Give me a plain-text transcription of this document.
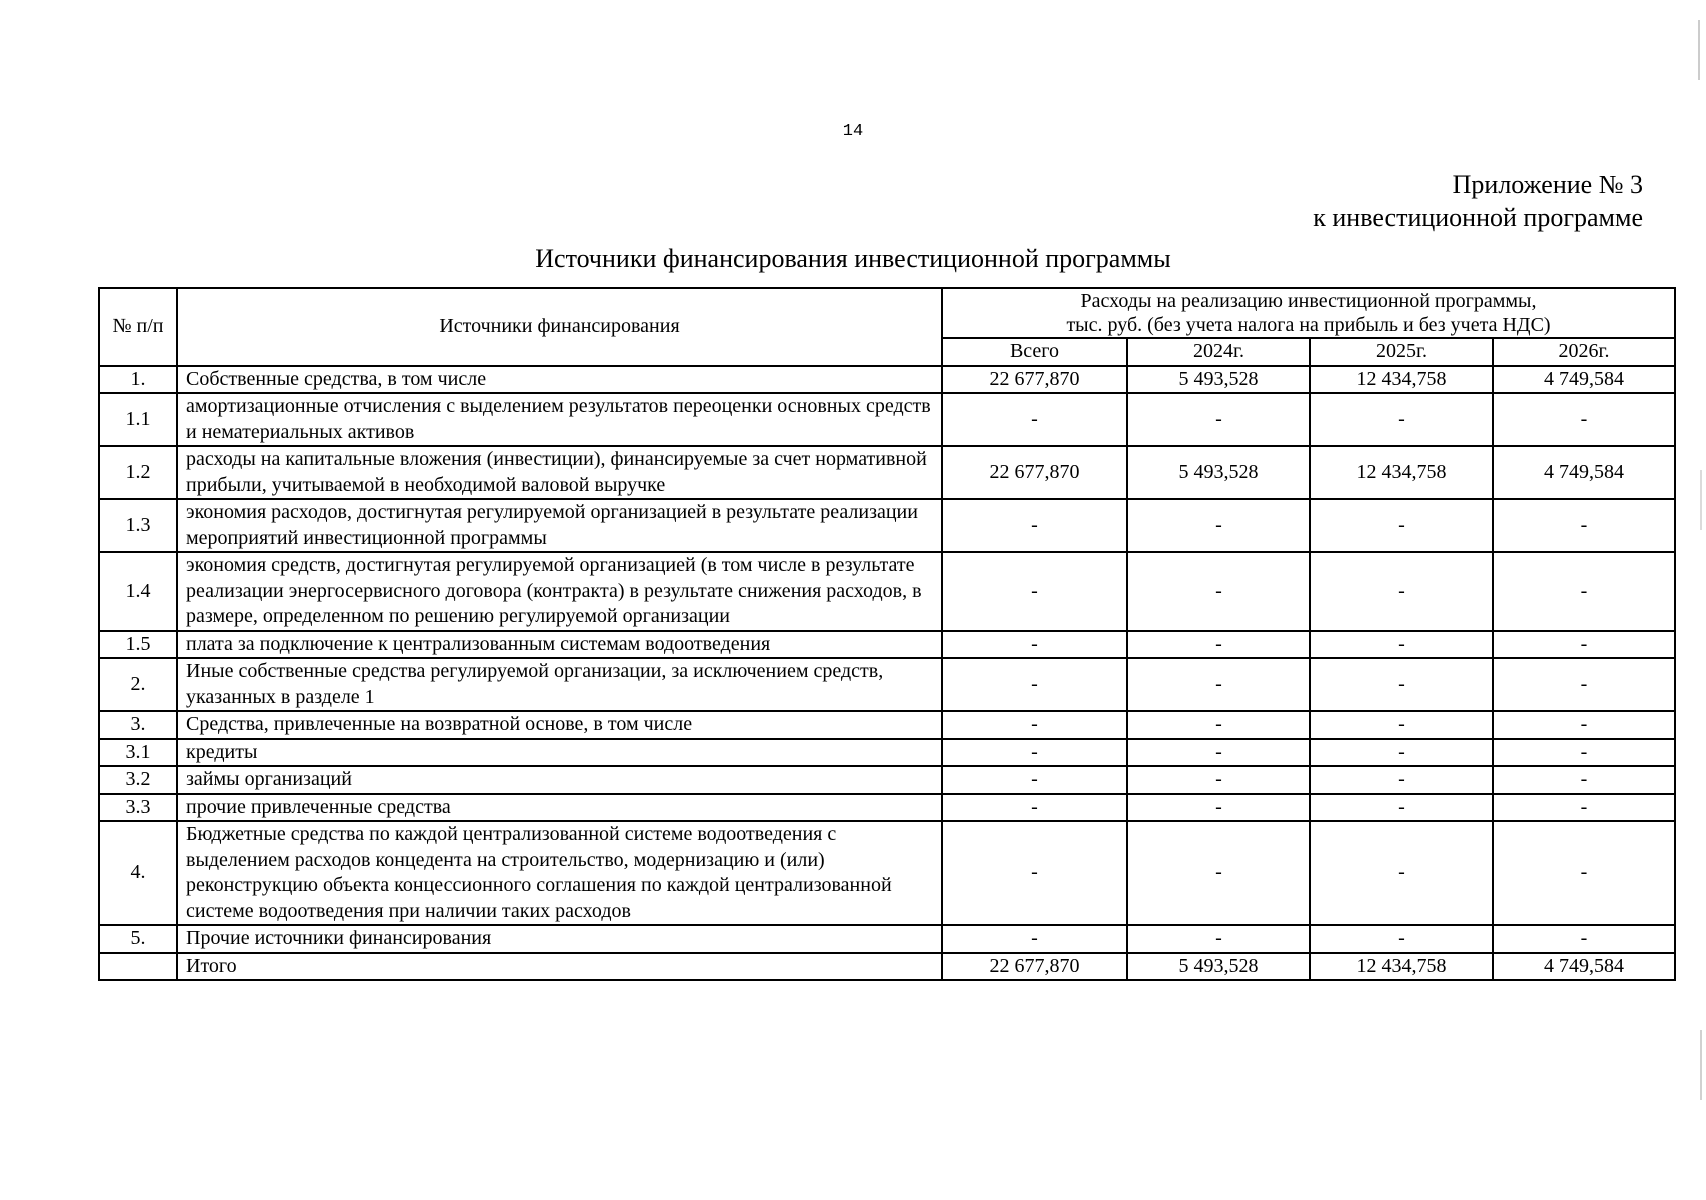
14
Приложение № 3
к инвестиционной программе
Источники финансирования инвестиционной программы
№ п/п	Источники финансирования	Расходы на реализацию инвестиционной программы,
тыс. руб. (без учета налога на прибыль и без учета НДС)			

		Всего	2024г.	2025г.	2026г.
1.	Собственные средства, в том числе	22 677,870	5 493,528	12 434,758	4 749,584
1.1	амортизационные отчисления с выделением результатов переоценки основных средств и нематериальных активов	-	-	-	-
1.2	расходы на капитальные вложения (инвестиции), финансируемые за счет нормативной прибыли, учитываемой в необходимой валовой выручке	22 677,870	5 493,528	12 434,758	4 749,584
1.3	экономия расходов, достигнутая регулируемой организацией в результате реализации мероприятий инвестиционной программы	-	-	-	-
1.4	экономия средств, достигнутая регулируемой организацией (в том числе в результате реализации энергосервисного договора (контракта) в результате снижения расходов, в размере, определенном по решению регулируемой организации	-	-	-	-
1.5	плата за подключение к централизованным системам водоотведения	-	-	-	-
2.	Иные собственные средства регулируемой организации, за исключением средств, указанных в разделе 1	-	-	-	-
3.	Средства, привлеченные на возвратной основе, в том числе	-	-	-	-
3.1	кредиты	-	-	-	-
3.2	займы организаций	-	-	-	-
3.3	прочие привлеченные средства	-	-	-	-
4.	Бюджетные средства по каждой централизованной системе водоотведения с выделением расходов концедента на строительство, модернизацию и (или) реконструкцию объекта концессионного соглашения по каждой централизованной системе водоотведения при наличии таких расходов	-	-	-	-
5.	Прочие источники финансирования	-	-	-	-
	Итого	22 677,870	5 493,528	12 434,758	4 749,584
